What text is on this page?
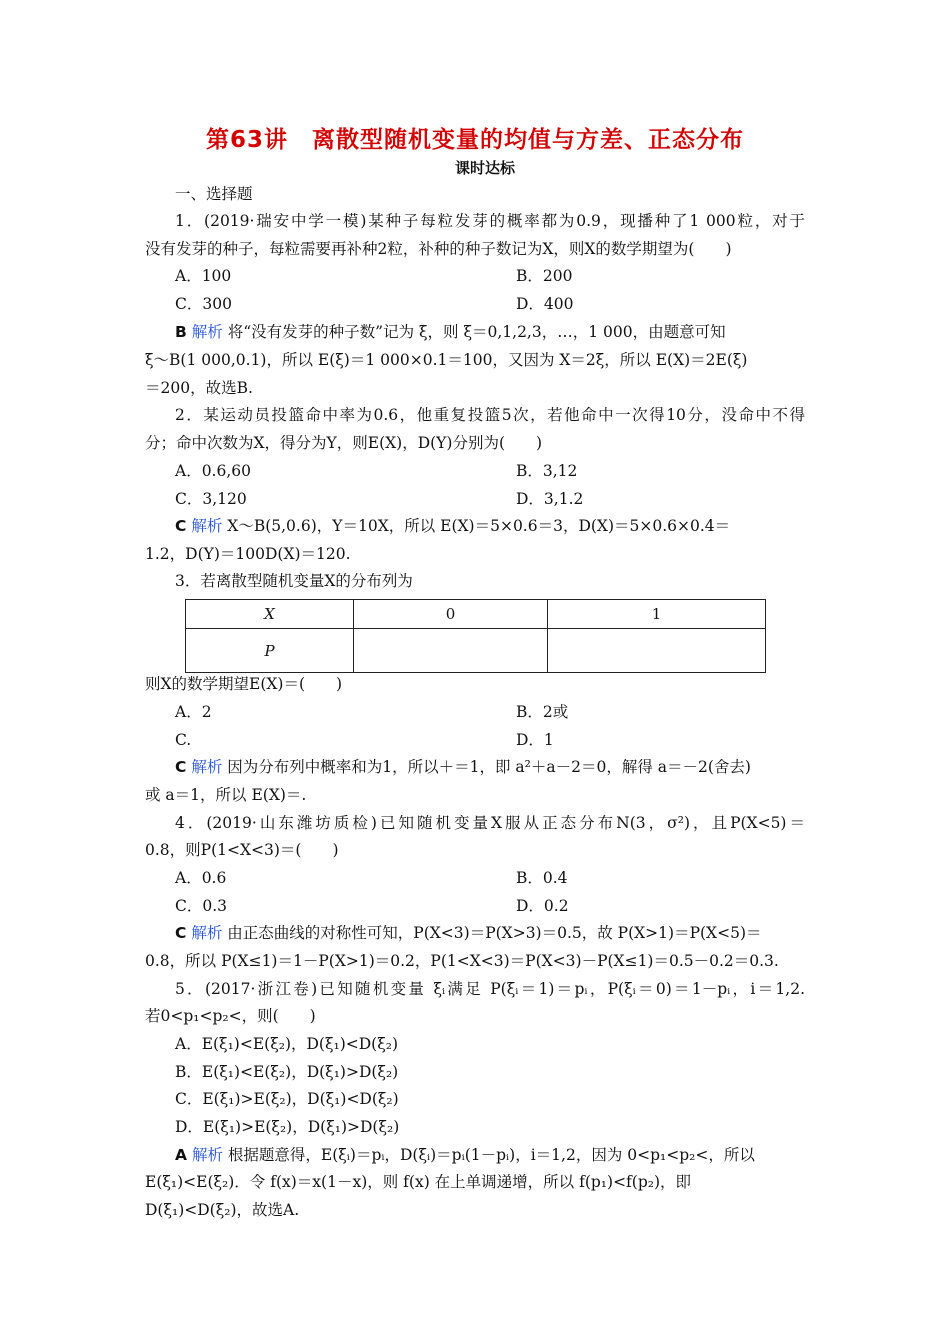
第63讲　离散型随机变量的均值与方差、正态分布
课时达标
一、选择题
1．(2019·瑞安中学一模)某种子每粒发芽的概率都为0.9，现播种了1 000粒，对于
没有发芽的种子，每粒需要再补种2粒，补种的种子数记为X，则X的数学期望为(　　)
A．100	B．200
C．300	D．400
B 解析 将“没有发芽的种子数”记为 ξ，则 ξ＝0,1,2,3，…，1 000，由题意可知
ξ～B(1 000,0.1)，所以 E(ξ)＝1 000×0.1＝100，又因为 X＝2ξ，所以 E(X)＝2E(ξ)
＝200，故选B.
2．某运动员投篮命中率为0.6，他重复投篮5次，若他命中一次得10分，没命中不得
分；命中次数为X，得分为Y，则E(X)，D(Y)分别为(　　)
A．0.6,60	B．3,12
C．3,120	D．3,1.2
C 解析 X～B(5,0.6)，Y＝10X，所以 E(X)＝5×0.6＝3，D(X)＝5×0.6×0.4＝
1.2，D(Y)＝100D(X)＝120.
3．若离散型随机变量X的分布列为
X	0	1
P		
则X的数学期望E(X)＝(　　)
A．2	B．2或
C.	D．1
C 解析 因为分布列中概率和为1，所以＋＝1，即 a²＋a－2＝0，解得 a＝－2(舍去)
或 a＝1，所以 E(X)＝.
4．(2019·山东潍坊质检)已知随机变量X服从正态分布N(3，σ²)，且P(X<5)＝
0.8，则P(1<X<3)＝(　　)
A．0.6	B．0.4
C．0.3	D．0.2
C 解析 由正态曲线的对称性可知，P(X<3)＝P(X>3)＝0.5，故 P(X>1)＝P(X<5)＝
0.8，所以 P(X≤1)＝1－P(X>1)＝0.2，P(1<X<3)＝P(X<3)－P(X≤1)＝0.5－0.2＝0.3.
5．(2017·浙江卷)已知随机变量 ξᵢ满足 P(ξᵢ＝1)＝pᵢ，P(ξᵢ＝0)＝1－pᵢ，i＝1,2.
若0<p₁<p₂<，则(　　)
A．E(ξ₁)<E(ξ₂)，D(ξ₁)<D(ξ₂)
B．E(ξ₁)<E(ξ₂)，D(ξ₁)>D(ξ₂)
C．E(ξ₁)>E(ξ₂)，D(ξ₁)<D(ξ₂)
D．E(ξ₁)>E(ξ₂)，D(ξ₁)>D(ξ₂)
A 解析 根据题意得，E(ξᵢ)＝pᵢ，D(ξᵢ)＝pᵢ(1－pᵢ)，i＝1,2，因为 0<p₁<p₂<，所以
E(ξ₁)<E(ξ₂)．令 f(x)＝x(1－x)，则 f(x) 在上单调递增，所以 f(p₁)<f(p₂)，即
D(ξ₁)<D(ξ₂)，故选A.
